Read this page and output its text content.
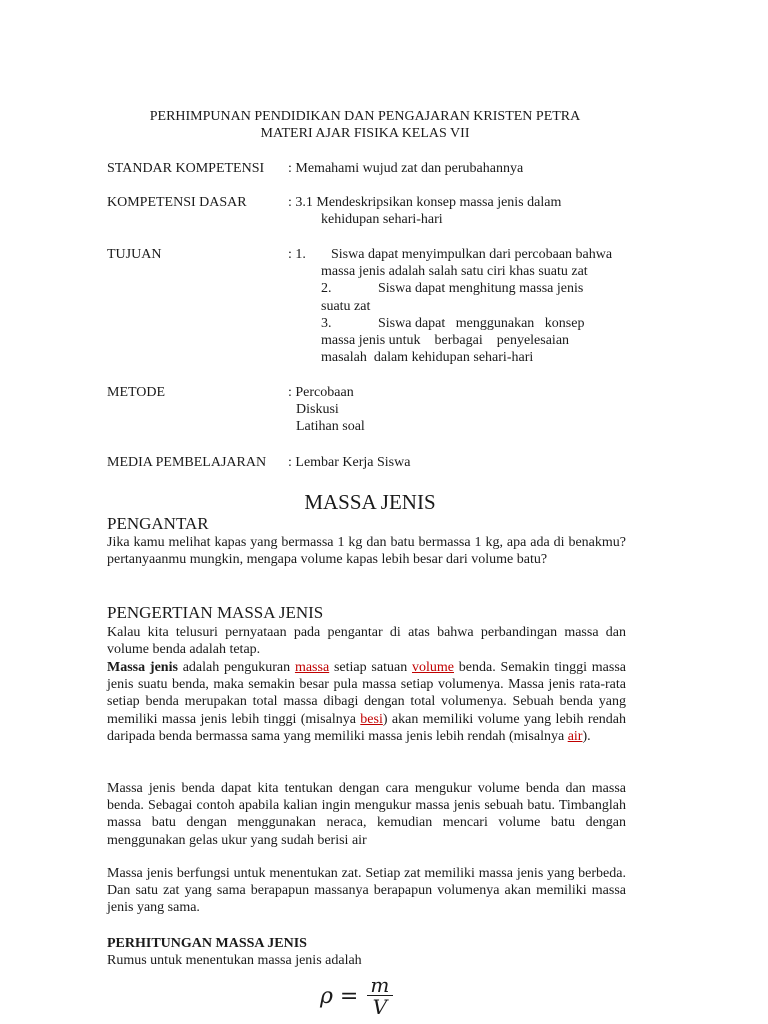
PERHIMPUNAN PENDIDIKAN DAN PENGAJARAN KRISTEN PETRA
MATERI AJAR FISIKA KELAS VII
STANDAR KOMPETENSI : Memahami wujud zat dan perubahannya
KOMPETENSI DASAR	: 3.1 Mendeskripsikan konsep massa jenis dalam
kehidupan sehari-hari
TUJUAN	: 1. Siswa dapat menyimpulkan dari percobaan bahwa
massa jenis adalah salah satu ciri khas suatu zat
2.	Siswa dapat menghitung massa jenis
suatu zat
3.	Siswa dapat   menggunakan   konsep
massa jenis untuk    berbagai    penyelesaian
masalah  dalam kehidupan sehari-hari
METODE	: Percobaan
Diskusi
Latihan soal
MEDIA PEMBELAJARAN : Lembar Kerja Siswa
MASSA JENIS
PENGANTAR
Jika kamu melihat kapas yang bermassa 1 kg dan batu bermassa 1 kg, apa ada di benakmu? pertanyaanmu mungkin, mengapa volume kapas lebih besar dari volume batu?
PENGERTIAN MASSA JENIS
Kalau kita telusuri pernyataan pada pengantar di atas bahwa perbandingan massa dan volume benda adalah tetap.
Massa jenis adalah pengukuran massa setiap satuan volume benda. Semakin tinggi massa jenis suatu benda, maka semakin besar pula massa setiap volumenya. Massa jenis rata-rata setiap benda merupakan total massa dibagi dengan total volumenya. Sebuah benda yang memiliki massa jenis lebih tinggi (misalnya besi) akan memiliki volume yang lebih rendah daripada benda bermassa sama yang memiliki massa jenis lebih rendah (misalnya air).
Massa jenis benda dapat kita tentukan dengan cara mengukur volume benda dan massa benda. Sebagai contoh apabila kalian ingin mengukur massa jenis sebuah batu. Timbanglah massa batu dengan menggunakan neraca, kemudian mencari volume batu dengan menggunakan gelas ukur yang sudah berisi air
Massa jenis berfungsi untuk menentukan zat. Setiap zat memiliki massa jenis yang berbeda. Dan satu zat yang sama berapapun massanya berapapun volumenya akan memiliki massa jenis yang sama.
PERHITUNGAN MASSA JENIS
Rumus untuk menentukan massa jenis adalah
$\rho = \frac{m}{V}$
